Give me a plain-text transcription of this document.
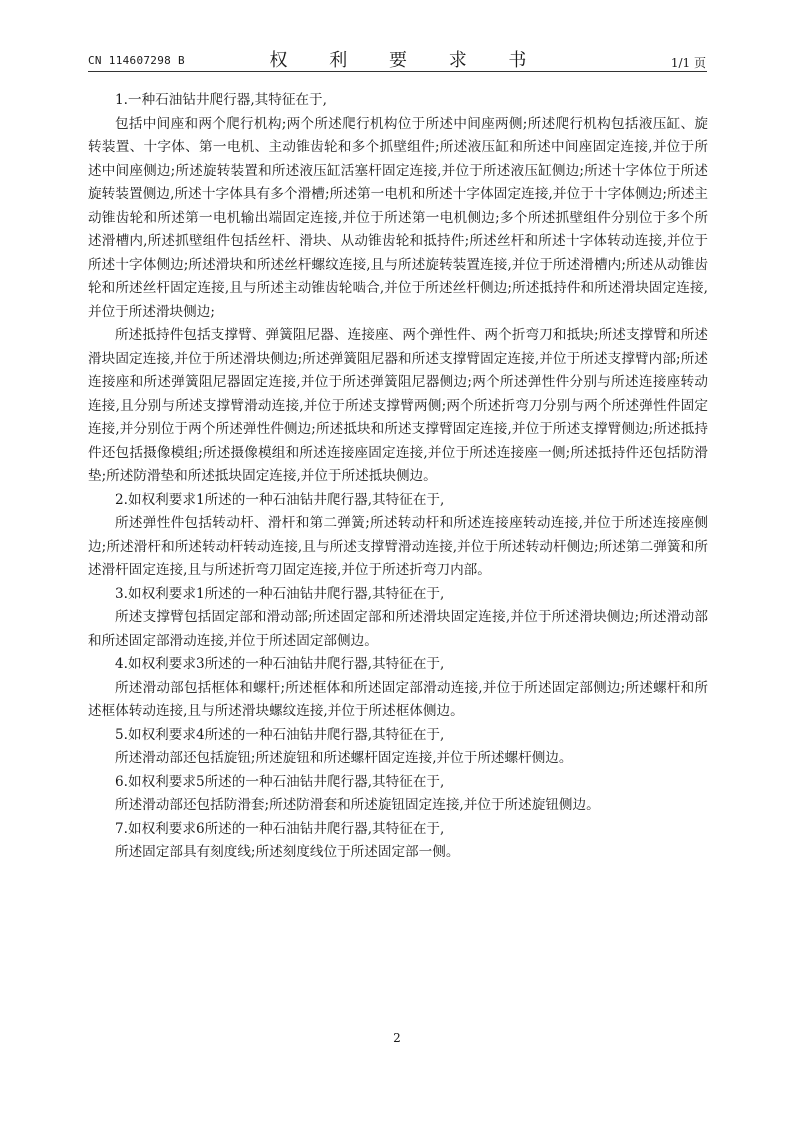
CN 114607298 B	权 利 要 求 书	1/1 页

1.一种石油钻井爬行器,其特征在于,

包括中间座和两个爬行机构;两个所述爬行机构位于所述中间座两侧;所述爬行机构包括液压缸、旋转装置、十字体、第一电机、主动锥齿轮和多个抓壁组件;所述液压缸和所述中间座固定连接,并位于所述中间座侧边;所述旋转装置和所述液压缸活塞杆固定连接,并位于所述液压缸侧边;所述十字体位于所述旋转装置侧边,所述十字体具有多个滑槽;所述第一电机和所述十字体固定连接,并位于十字体侧边;所述主动锥齿轮和所述第一电机输出端固定连接,并位于所述第一电机侧边;多个所述抓壁组件分别位于多个所述滑槽内,所述抓壁组件包括丝杆、滑块、从动锥齿轮和抵持件;所述丝杆和所述十字体转动连接,并位于所述十字体侧边;所述滑块和所述丝杆螺纹连接,且与所述旋转装置连接,并位于所述滑槽内;所述从动锥齿轮和所述丝杆固定连接,且与所述主动锥齿轮啮合,并位于所述丝杆侧边;所述抵持件和所述滑块固定连接,并位于所述滑块侧边;

所述抵持件包括支撑臂、弹簧阻尼器、连接座、两个弹性件、两个折弯刀和抵块;所述支撑臂和所述滑块固定连接,并位于所述滑块侧边;所述弹簧阻尼器和所述支撑臂固定连接,并位于所述支撑臂内部;所述连接座和所述弹簧阻尼器固定连接,并位于所述弹簧阻尼器侧边;两个所述弹性件分别与所述连接座转动连接,且分别与所述支撑臂滑动连接,并位于所述支撑臂两侧;两个所述折弯刀分别与两个所述弹性件固定连接,并分别位于两个所述弹性件侧边;所述抵块和所述支撑臂固定连接,并位于所述支撑臂侧边;所述抵持件还包括摄像模组;所述摄像模组和所述连接座固定连接,并位于所述连接座一侧;所述抵持件还包括防滑垫;所述防滑垫和所述抵块固定连接,并位于所述抵块侧边。

2.如权利要求1所述的一种石油钻井爬行器,其特征在于,

所述弹性件包括转动杆、滑杆和第二弹簧;所述转动杆和所述连接座转动连接,并位于所述连接座侧边;所述滑杆和所述转动杆转动连接,且与所述支撑臂滑动连接,并位于所述转动杆侧边;所述第二弹簧和所述滑杆固定连接,且与所述折弯刀固定连接,并位于所述折弯刀内部。

3.如权利要求1所述的一种石油钻井爬行器,其特征在于,

所述支撑臂包括固定部和滑动部;所述固定部和所述滑块固定连接,并位于所述滑块侧边;所述滑动部和所述固定部滑动连接,并位于所述固定部侧边。

4.如权利要求3所述的一种石油钻井爬行器,其特征在于,

所述滑动部包括框体和螺杆;所述框体和所述固定部滑动连接,并位于所述固定部侧边;所述螺杆和所述框体转动连接,且与所述滑块螺纹连接,并位于所述框体侧边。

5.如权利要求4所述的一种石油钻井爬行器,其特征在于,

所述滑动部还包括旋钮;所述旋钮和所述螺杆固定连接,并位于所述螺杆侧边。

6.如权利要求5所述的一种石油钻井爬行器,其特征在于,

所述滑动部还包括防滑套;所述防滑套和所述旋钮固定连接,并位于所述旋钮侧边。

7.如权利要求6所述的一种石油钻井爬行器,其特征在于,

所述固定部具有刻度线;所述刻度线位于所述固定部一侧。

2
